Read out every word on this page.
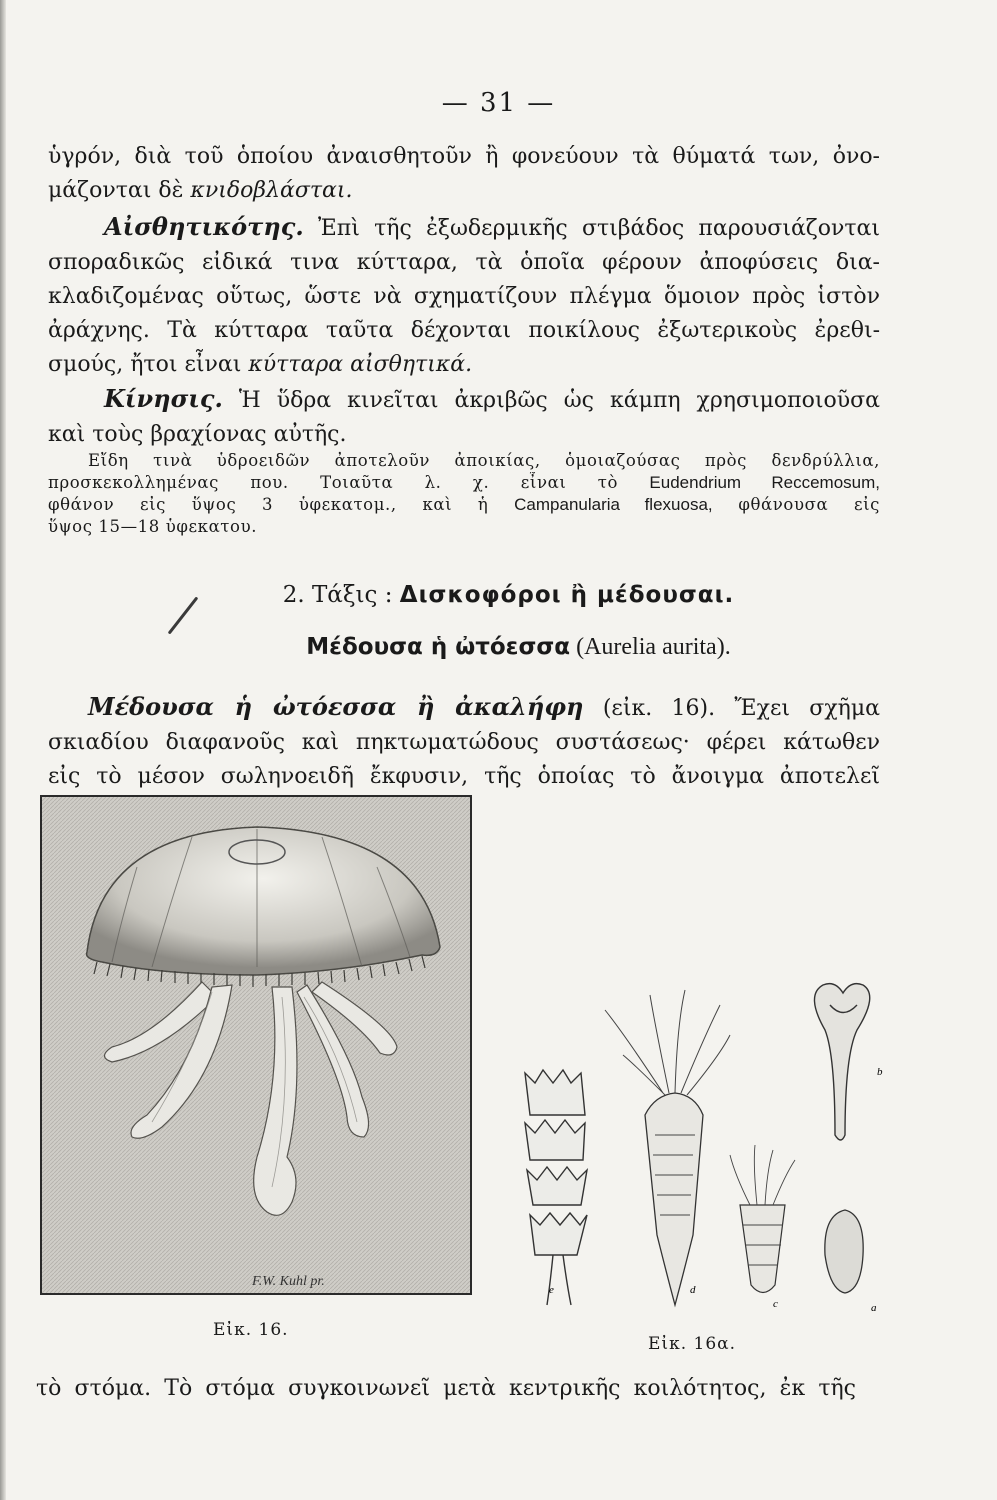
— 31 —
ὑγρόν, διὰ τοῦ ὁποίου ἀναισθητοῦν ἢ φονεύουν τὰ θύματά των, ὀνο-
μάζονται δὲ κνιδοβλάσται.
Αἰσθητικότης. Ἐπὶ τῆς ἐξωδερμικῆς στιβάδος παρουσιάζονται
σποραδικῶς εἰδικά τινα κύτταρα, τὰ ὁποῖα φέρουν ἀποφύσεις δια-
κλαδιζομένας οὕτως, ὥστε νὰ σχηματίζουν πλέγμα ὅμοιον πρὸς ἱστὸν
ἀράχνης. Τὰ κύτταρα ταῦτα δέχονται ποικίλους ἐξωτερικοὺς ἐρεθι-
σμούς, ἤτοι εἶναι κύτταρα αἰσθητικά.
Κίνησις. Ἡ ὕδρα κινεῖται ἀκριβῶς ὡς κάμπη χρησιμοποιοῦσα
καὶ τοὺς βραχίονας αὐτῆς.
Εἴδη τινὰ ὑδροειδῶν ἀποτελοῦν ἀποικίας, ὁμοιαζούσας πρὸς δενδρύλλια,
προσκεκολλημένας που. Τοιαῦτα λ. χ. εἶναι τὸ Eudendrium Reccemosum,
φθάνον εἰς ὕψος 3 ὑφεκατομ., καὶ ἡ Campanularia flexuosa, φθάνουσα εἰς
ὕψος 15—18 ὑφεκατου.
2. Τάξις : Δισκοφόροι ἢ μέδουσαι.
Μέδουσα ἡ ὠτόεσσα (Aurelia aurita).
Μέδουσα ἡ ὠτόεσσα ἢ ἀκαλήφη (εἰκ. 16). Ἔχει σχῆμα
σκιαδίου διαφανοῦς καὶ πηκτωματώδους συστάσεως· φέρει κάτωθεν
εἰς τὸ μέσον σωληνοειδῆ ἔκφυσιν, τῆς ὁποίας τὸ ἄνοιγμα ἀποτελεῖ
F.W. Kuhl pr.
Εἰκ. 16.
e	d
c
b
a
Εἰκ. 16α.
τὸ στόμα. Τὸ στόμα συγκοινωνεῖ μετὰ κεντρικῆς κοιλότητος, ἐκ τῆς
